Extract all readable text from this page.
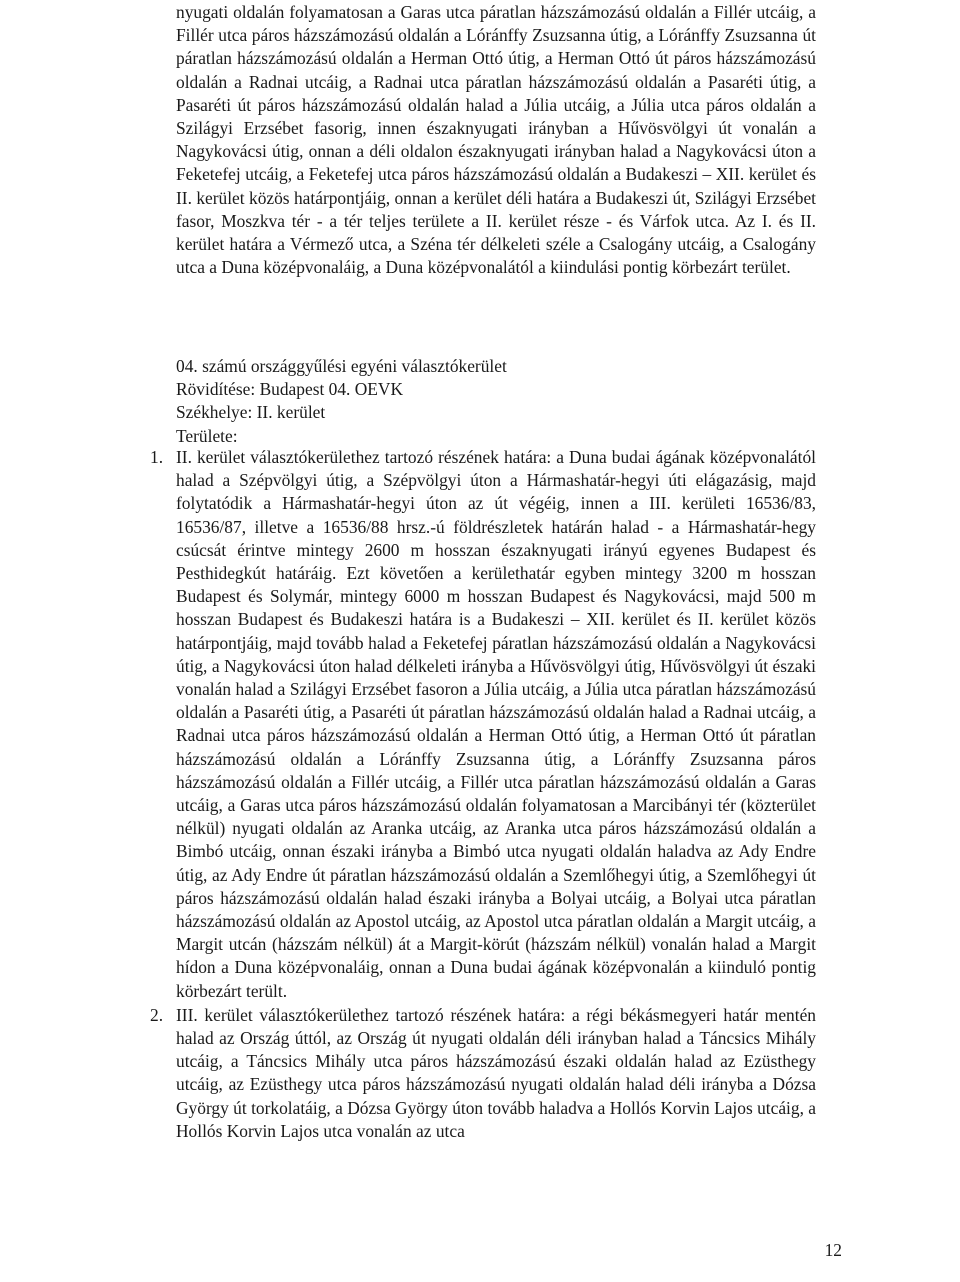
nyugati oldalán folyamatosan a Garas utca páratlan házszámozású oldalán a Fillér utcáig, a Fillér utca páros házszámozású oldalán a Lóránffy Zsuzsanna útig, a Lóránffy Zsuzsanna út páratlan házszámozású oldalán a Herman Ottó útig, a Herman Ottó út páros házszámozású oldalán a Radnai utcáig, a Radnai utca páratlan házszámozású oldalán a Pasaréti útig, a Pasaréti út páros házszámozású oldalán halad a Júlia utcáig, a Júlia utca páros oldalán a Szilágyi Erzsébet fasorig, innen északnyugati irányban a Hűvösvölgyi út vonalán a Nagykovácsi útig, onnan a déli oldalon északnyugati irányban halad a Nagykovácsi úton a Feketefej utcáig, a Feketefej utca páros házszámozású oldalán a Budakeszi – XII. kerület és II. kerület közös határpontjáig, onnan a kerület déli határa a Budakeszi út, Szilágyi Erzsébet fasor, Moszkva tér - a tér teljes területe a II. kerület része - és Várfok utca. Az I. és II. kerület határa a Vérmező utca, a Széna tér délkeleti széle a Csalogány utcáig, a Csalogány utca a Duna középvonaláig, a Duna középvonalától a kiindulási pontig körbezárt terület.

04. számú országgyűlési egyéni választókerület
Rövidítése: Budapest 04. OEVK
Székhelye: II. kerület
Területe:
1. II. kerület választókerülethez tartozó részének határa: a Duna budai ágának középvonalától halad a Szépvölgyi útig, a Szépvölgyi úton a Hármashatár-hegyi úti elágazásig, majd folytatódik a Hármashatár-hegyi úton az út végéig, innen a III. kerületi 16536/83, 16536/87, illetve a 16536/88 hrsz.-ú földrészletek határán halad - a Hármashatár-hegy csúcsát érintve mintegy 2600 m hosszan északnyugati irányú egyenes Budapest és Pesthidegkút határáig. Ezt követően a kerülethatár egyben mintegy 3200 m hosszan Budapest és Solymár, mintegy 6000 m hosszan Budapest és Nagykovácsi, majd 500 m hosszan Budapest és Budakeszi határa is a Budakeszi – XII. kerület és II. kerület közös határpontjáig, majd tovább halad a Feketefej páratlan házszámozású oldalán a Nagykovácsi útig, a Nagykovácsi úton halad délkeleti irányba a Hűvösvölgyi útig, Hűvösvölgyi út északi vonalán halad a Szilágyi Erzsébet fasoron a Júlia utcáig, a Júlia utca páratlan házszámozású oldalán a Pasaréti útig, a Pasaréti út páratlan házszámozású oldalán halad a Radnai utcáig, a Radnai utca páros házszámozású oldalán a Herman Ottó útig, a Herman Ottó út páratlan házszámozású oldalán a Lóránffy Zsuzsanna útig, a Lóránffy Zsuzsanna páros házszámozású oldalán a Fillér utcáig, a Fillér utca páratlan házszámozású oldalán a Garas utcáig, a Garas utca páros házszámozású oldalán folyamatosan a Marcibányi tér (közterület nélkül) nyugati oldalán az Aranka utcáig, az Aranka utca páros házszámozású oldalán a Bimbó utcáig, onnan északi irányba a Bimbó utca nyugati oldalán haladva az Ady Endre útig, az Ady Endre út páratlan házszámozású oldalán a Szemlőhegyi útig, a Szemlőhegyi út páros házszámozású oldalán halad északi irányba a Bolyai utcáig, a Bolyai utca páratlan házszámozású oldalán az Apostol utcáig, az Apostol utca páratlan oldalán a Margit utcáig, a Margit utcán (házszám nélkül) át a Margit-körút (házszám nélkül) vonalán halad a Margit hídon a Duna középvonaláig, onnan a Duna budai ágának középvonalán a kiinduló pontig körbezárt terült.
2. III. kerület választókerülethez tartozó részének határa: a régi békásmegyeri határ mentén halad az Ország úttól, az Ország út nyugati oldalán déli irányban halad a Táncsics Mihály utcáig, a Táncsics Mihály utca páros házszámozású északi oldalán halad az Ezüsthegy utcáig, az Ezüsthegy utca páros házszámozású nyugati oldalán halad déli irányba a Dózsa György út torkolatáig, a Dózsa György úton tovább haladva a Hollós Korvin Lajos utcáig, a Hollós Korvin Lajos utca vonalán az utca
12
